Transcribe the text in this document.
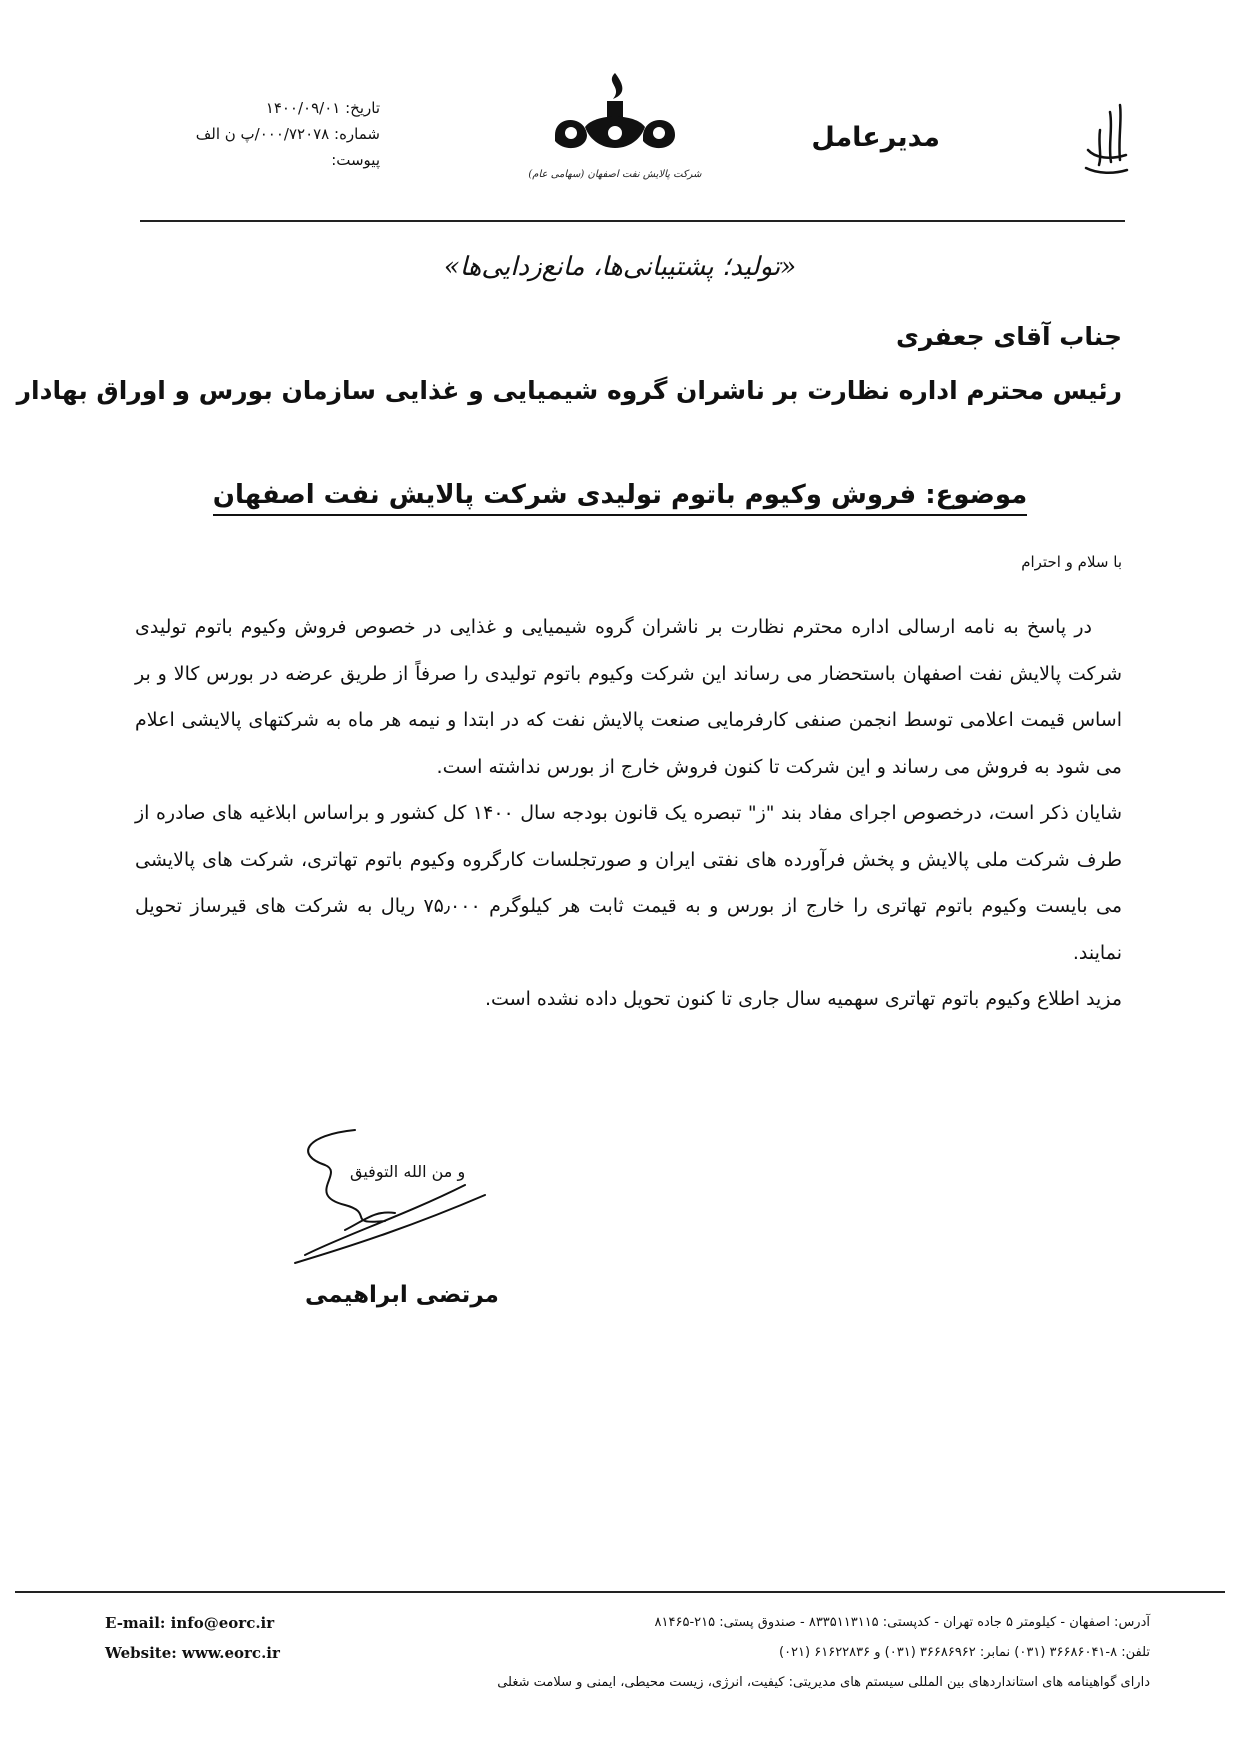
مدیرعامل
شرکت پالایش نفت اصفهان (سهامی عام)
تاریخ: ۱۴۰۰/۰۹/۰۱
شماره: ۰۰۰/۷۲۰۷۸/پ ن الف
پیوست:
«تولید؛ پشتیبانی‌ها، مانع‌زدایی‌ها»
جناب آقای جعفری
رئیس محترم اداره نظارت بر ناشران گروه شیمیایی و غذایی سازمان بورس و اوراق بهادار
موضوع: فروش وکیوم باتوم تولیدی شرکت پالایش نفت اصفهان
با سلام و احترام

در پاسخ به نامه ارسالی اداره محترم نظارت بر ناشران گروه شیمیایی و غذایی در خصوص فروش وکیوم باتوم تولیدی شرکت پالایش نفت اصفهان باستحضار می رساند این شرکت وکیوم باتوم تولیدی را صرفاً از طریق عرضه در بورس کالا و بر اساس قیمت اعلامی توسط انجمن صنفی کارفرمایی صنعت پالایش نفت که در ابتدا و نیمه هر ماه به شرکتهای پالایشی اعلام می شود به فروش می رساند و این شرکت تا کنون فروش خارج از بورس نداشته است.

شایان ذکر است، درخصوص اجرای مفاد بند "ز" تبصره یک قانون بودجه سال ۱۴۰۰ کل کشور و براساس ابلاغیه های صادره از طرف شرکت ملی پالایش و پخش فرآورده های نفتی ایران و صورتجلسات کارگروه وکیوم باتوم تهاتری، شرکت های پالایشی می بایست وکیوم باتوم تهاتری را خارج از بورس و به قیمت ثابت هر کیلوگرم ۷۵٫۰۰۰ ریال به شرکت های قیرساز تحویل نمایند.

مزید اطلاع وکیوم باتوم تهاتری سهمیه سال جاری تا کنون تحویل داده نشده است.

و من الله التوفیق
مرتضی ابراهیمی
E-mail: info@eorc.ir
Website: www.eorc.ir
آدرس: اصفهان - کیلومتر ۵ جاده تهران - کدپستی: ۸۳۳۵۱۱۳۱۱۵ - صندوق پستی: ۲۱۵-۸۱۴۶۵
تلفن: ۸-۳۶۶۸۶۰۴۱ (۰۳۱) نمابر: ۳۶۶۸۶۹۶۲ (۰۳۱) و ۶۱۶۲۲۸۳۶ (۰۲۱)
دارای گواهینامه های استانداردهای بین المللی سیستم های مدیریتی: کیفیت، انرژی، زیست محیطی، ایمنی و سلامت شغلی
